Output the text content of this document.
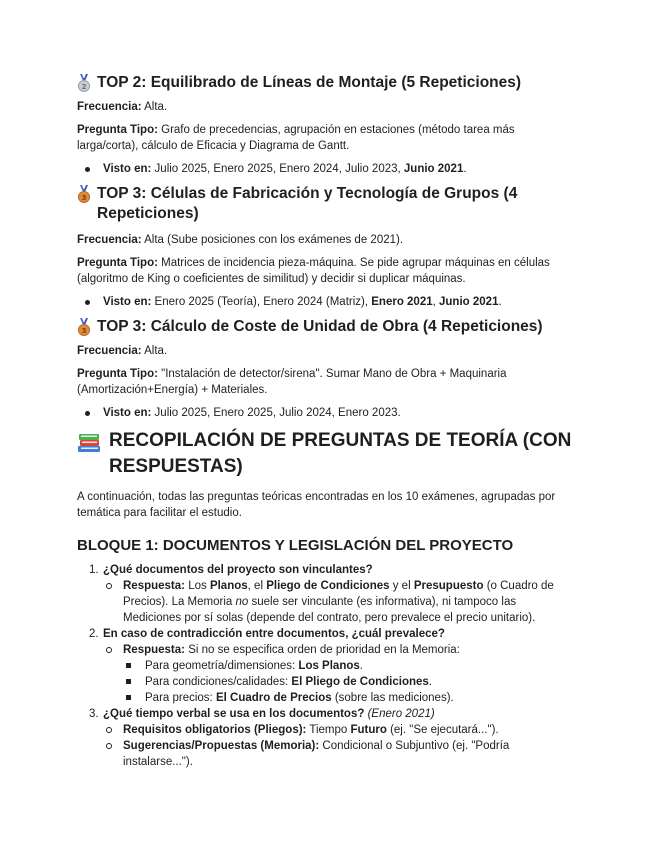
2 TOP 2: Equilibrado de Líneas de Montaje (5 Repeticiones)

Frecuencia: Alta.

Pregunta Tipo: Grafo de precedencias, agrupación en estaciones (método tarea más larga/corta), cálculo de Eficacia y Diagrama de Gantt.

Visto en: Julio 2025, Enero 2025, Enero 2024, Julio 2023, Junio 2021.
3 TOP 3: Células de Fabricación y Tecnología de Grupos (4 Repeticiones)

Frecuencia: Alta (Sube posiciones con los exámenes de 2021).

Pregunta Tipo: Matrices de incidencia pieza-máquina. Se pide agrupar máquinas en células (algoritmo de King o coeficientes de similitud) y decidir si duplicar máquinas.

Visto en: Enero 2025 (Teoría), Enero 2024 (Matriz), Enero 2021, Junio 2021.
3 TOP 3: Cálculo de Coste de Unidad de Obra (4 Repeticiones)

Frecuencia: Alta.

Pregunta Tipo: "Instalación de detector/sirena". Sumar Mano de Obra + Maquinaria (Amortización+Energía) + Materiales.

Visto en: Julio 2025, Enero 2025, Julio 2024, Enero 2023.
RECOPILACIÓN DE PREGUNTAS DE TEORÍA (CON RESPUESTAS)

A continuación, todas las preguntas teóricas encontradas en los 10 exámenes, agrupadas por temática para facilitar el estudio.

BLOQUE 1: DOCUMENTOS Y LEGISLACIÓN DEL PROYECTO
1. ¿Qué documentos del proyecto son vinculantes?
Respuesta: Los Planos, el Pliego de Condiciones y el Presupuesto (o Cuadro de Precios). La Memoria no suele ser vinculante (es informativa), ni tampoco las Mediciones por sí solas (depende del contrato, pero prevalece el precio unitario).
2. En caso de contradicción entre documentos, ¿cuál prevalece?
Respuesta: Si no se especifica orden de prioridad en la Memoria:
Para geometría/dimensiones: Los Planos.
Para condiciones/calidades: El Pliego de Condiciones.
Para precios: El Cuadro de Precios (sobre las mediciones).
3. ¿Qué tiempo verbal se usa en los documentos? (Enero 2021)
Requisitos obligatorios (Pliegos): Tiempo Futuro (ej. "Se ejecutará...").
Sugerencias/Propuestas (Memoria): Condicional o Subjuntivo (ej. "Podría instalarse...").
